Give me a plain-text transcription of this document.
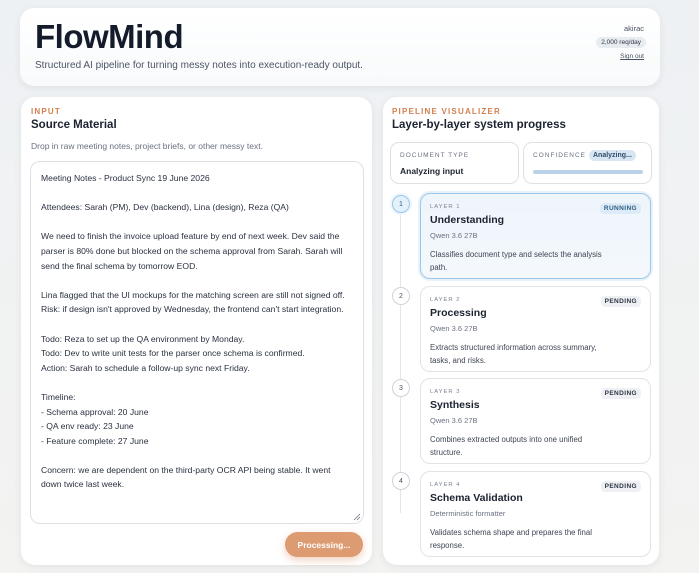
FlowMind
Structured AI pipeline for turning messy notes into execution-ready output.
akirac
2,000 req/day
Sign out
INPUT
Source Material
Drop in raw meeting notes, project briefs, or other messy text.
Meeting Notes - Product Sync 19 June 2026

Attendees: Sarah (PM), Dev (backend), Lina (design), Reza (QA)

We need to finish the invoice upload feature by end of next week. Dev said the parser is 80% done but blocked on the schema approval from Sarah. Sarah will send the final schema by tomorrow EOD.

Lina flagged that the UI mockups for the matching screen are still not signed off. Risk: if design isn't approved by Wednesday, the frontend can't start integration.

Todo: Reza to set up the QA environment by Monday.
Todo: Dev to write unit tests for the parser once schema is confirmed.
Action: Sarah to schedule a follow-up sync next Friday.

Timeline:
- Schema approval: 20 June
- QA env ready: 23 June
- Feature complete: 27 June

Concern: we are dependent on the third-party OCR API being stable. It went down twice last week.
Processing...
PIPELINE VISUALIZER
Layer-by-layer system progress
DOCUMENT TYPE
Analyzing input
CONFIDENCE	Analyzing...
1	LAYER 1
Understanding
Qwen 3.6 27B
Classifies document type and selects the analysis path.
RUNNING
2
LAYER 2
Processing
Qwen 3.6 27B
Extracts structured information across summary, tasks, and risks.
PENDING
3
LAYER 3
Synthesis
Qwen 3.6 27B
Combines extracted outputs into one unified structure.
PENDING
4
LAYER 4
Schema Validation
Deterministic formatter
Validates schema shape and prepares the final response.
PENDING
